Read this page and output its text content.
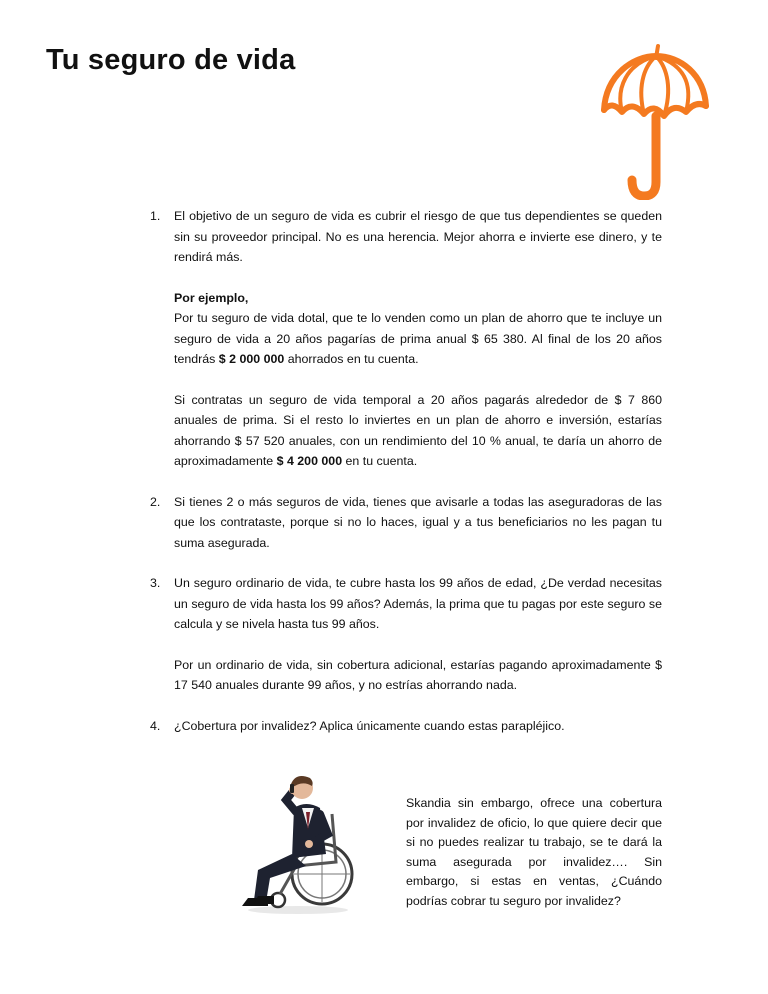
Tu seguro de vida
1. El objetivo de un seguro de vida es cubrir el riesgo de que tus dependientes se queden sin su proveedor principal. No es una herencia. Mejor ahorra e invierte ese dinero, y te rendirá más.

Por ejemplo,

Por tu seguro de vida dotal, que te lo venden como un plan de ahorro que te incluye un seguro de vida a 20 años pagarías de prima anual $ 65 380. Al final de los 20 años tendrás $ 2 000 000 ahorrados en tu cuenta.

Si contratas un seguro de vida temporal a 20 años pagarás alrededor de $ 7 860 anuales de prima. Si el resto lo inviertes en un plan de ahorro e inversión, estarías ahorrando $ 57 520 anuales, con un rendimiento del 10 % anual, te daría un ahorro de aproximadamente $ 4 200 000 en tu cuenta.

2. Si tienes 2 o más seguros de vida, tienes que avisarle a todas las aseguradoras de las que los contrataste, porque si no lo haces, igual y a tus beneficiarios no les pagan tu suma asegurada.

3. Un seguro ordinario de vida, te cubre hasta los 99 años de edad, ¿De verdad necesitas un seguro de vida hasta los 99 años? Además, la prima que tu pagas por este seguro se calcula y se nivela hasta tus 99 años.

Por un ordinario de vida, sin cobertura adicional, estarías pagando aproximadamente $ 17 540 anuales durante 99 años, y no estrías ahorrando nada.

4. ¿Cobertura por invalidez? Aplica únicamente cuando estas parapléjico.

Skandia sin embargo, ofrece una cobertura por invalidez de oficio, lo que quiere decir que si no puedes realizar tu trabajo, se te dará la suma asegurada por invalidez…. Sin embargo, si estas en ventas, ¿Cuándo podrías cobrar tu seguro por invalidez?
